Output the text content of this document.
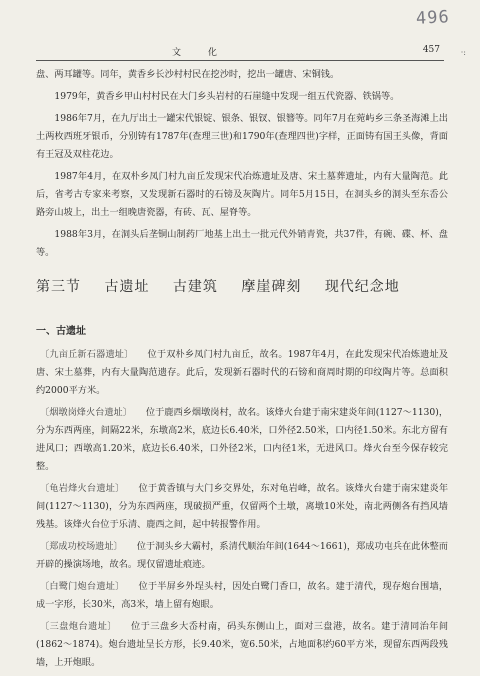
496
文 化	457	·:

盘、两耳罐等。同年，黄香乡长沙村村民在挖沙时，挖出一罐唐、宋铜钱。

1979年，黄香乡甲山村村民在大门乡头岩村的石崖缝中发现一组五代瓷器、铁锅等。

1986年7月，在九厅出土一罐宋代银锭、银条、银钗、银簪等。同年7月在菀屿乡三条圣海滩上出土两枚西班牙银币，分别铸有1787年(查理三世)和1790年(查理四世)字样，正面铸有国王头像，背面有王冠及双柱花边。

1987年4月，在双朴乡凤门村九亩丘发现宋代冶炼遗址及唐、宋土墓葬遗址，内有大量陶范。此后，省考古专家来考察，又发现新石器时的石镑及灰陶片。同年5月15日，在洞头乡的洞头至东岙公路旁山坡上，出土一组晚唐瓷器，有砖、瓦、屋脊等。

1988年3月，在洞头后垄铜山制药厂地基上出土一批元代外销青瓷，共37件，有碗、碟、杯、盘等。

第三节 古遗址 古建筑 摩崖碑刻 现代纪念地
一、古遗址

〔九亩丘新石器遗址〕 位于双朴乡凤门村九亩丘，故名。1987年4月，在此发现宋代冶炼遗址及唐、宋土墓葬，内有大量陶范遗存。此后，发现新石器时代的石镑和商周时期的印纹陶片等。总面积约2000平方米。

〔烟墩岗烽火台遗址〕 位于鹿西乡烟墩岗村，故名。该烽火台建于南宋建炎年间(1127～1130)，分为东西两座，间隔22米，东墩高2米，底边长6.40米，口外径2.50米，口内径1.50米。东北方留有进风口；西墩高1.20米，底边长6.40米，口外径2米，口内径1米，无进风口。烽火台至今保存较完整。

〔龟岩烽火台遗址〕 位于黄香镇与大门乡交界处，东对龟岩峰，故名。该烽火台建于南宋建炎年间(1127～1130)，分为东西两座，现破损严重，仅留两个土墩，离墩10米处，南北两侧各有挡风墙残基。该烽火台位于乐清、鹿西之间，起中转报警作用。

〔郑成功校场遗址〕 位于洞头乡大霸村，系清代顺治年间(1644～1661)，郑成功屯兵在此休整而开辟的操演场地，故名。现仅留遗址痕迹。

〔白鹭门炮台遗址〕 位于半屏乡外埕头村，因处白鹭门香口，故名。建于清代，现存炮台围墙，成一字形，长30米，高3米，墙上留有炮眼。

〔三盘炮台遗址〕 位于三盘乡大岙村南，码头东侧山上，面对三盘港，故名。建于清同治年间(1862～1874)。炮台遗址呈长方形，长9.40米，宽6.50米，占地面积约60平方米，现留东西两段残墙，上开炮眼。
